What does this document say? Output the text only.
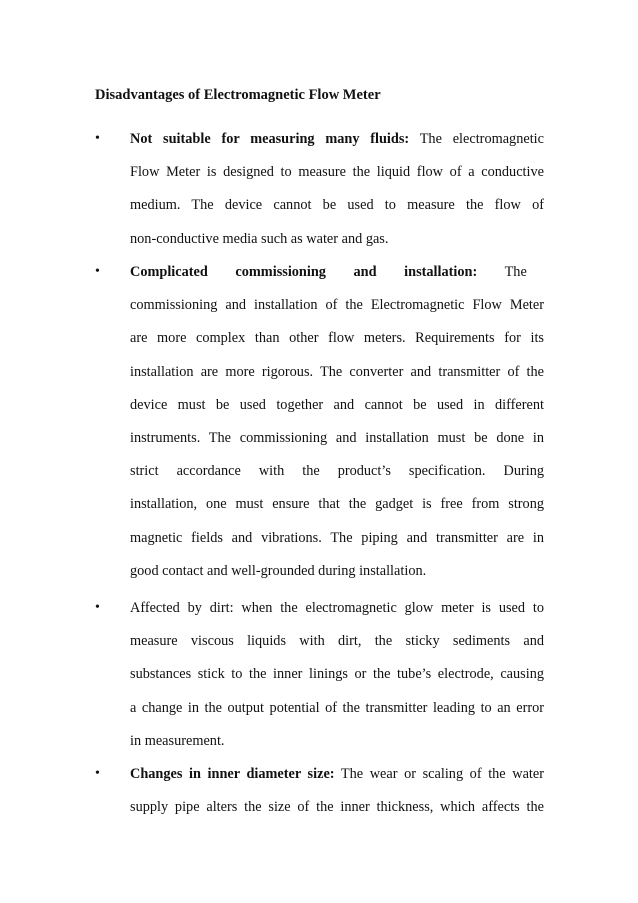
Disadvantages of Electromagnetic Flow Meter
•	Not suitable for measuring many fluids: The electromagnetic
Flow Meter is designed to measure the liquid flow of a conductive
medium. The device cannot be used to measure the flow of
non-conductive media such as water and gas.
•	Complicated commissioning and installation: The
commissioning and installation of the Electromagnetic Flow Meter
are more complex than other flow meters. Requirements for its
installation are more rigorous. The converter and transmitter of the
device must be used together and cannot be used in different
instruments. The commissioning and installation must be done in
strict accordance with the product’s specification. During
installation, one must ensure that the gadget is free from strong
magnetic fields and vibrations. The piping and transmitter are in
good contact and well-grounded during installation.
•	Affected by dirt: when the electromagnetic glow meter is used to
measure viscous liquids with dirt, the sticky sediments and
substances stick to the inner linings or the tube’s electrode, causing
a change in the output potential of the transmitter leading to an error
in measurement.
•	Changes in inner diameter size: The wear or scaling of the water
supply pipe alters the size of the inner thickness, which affects the
